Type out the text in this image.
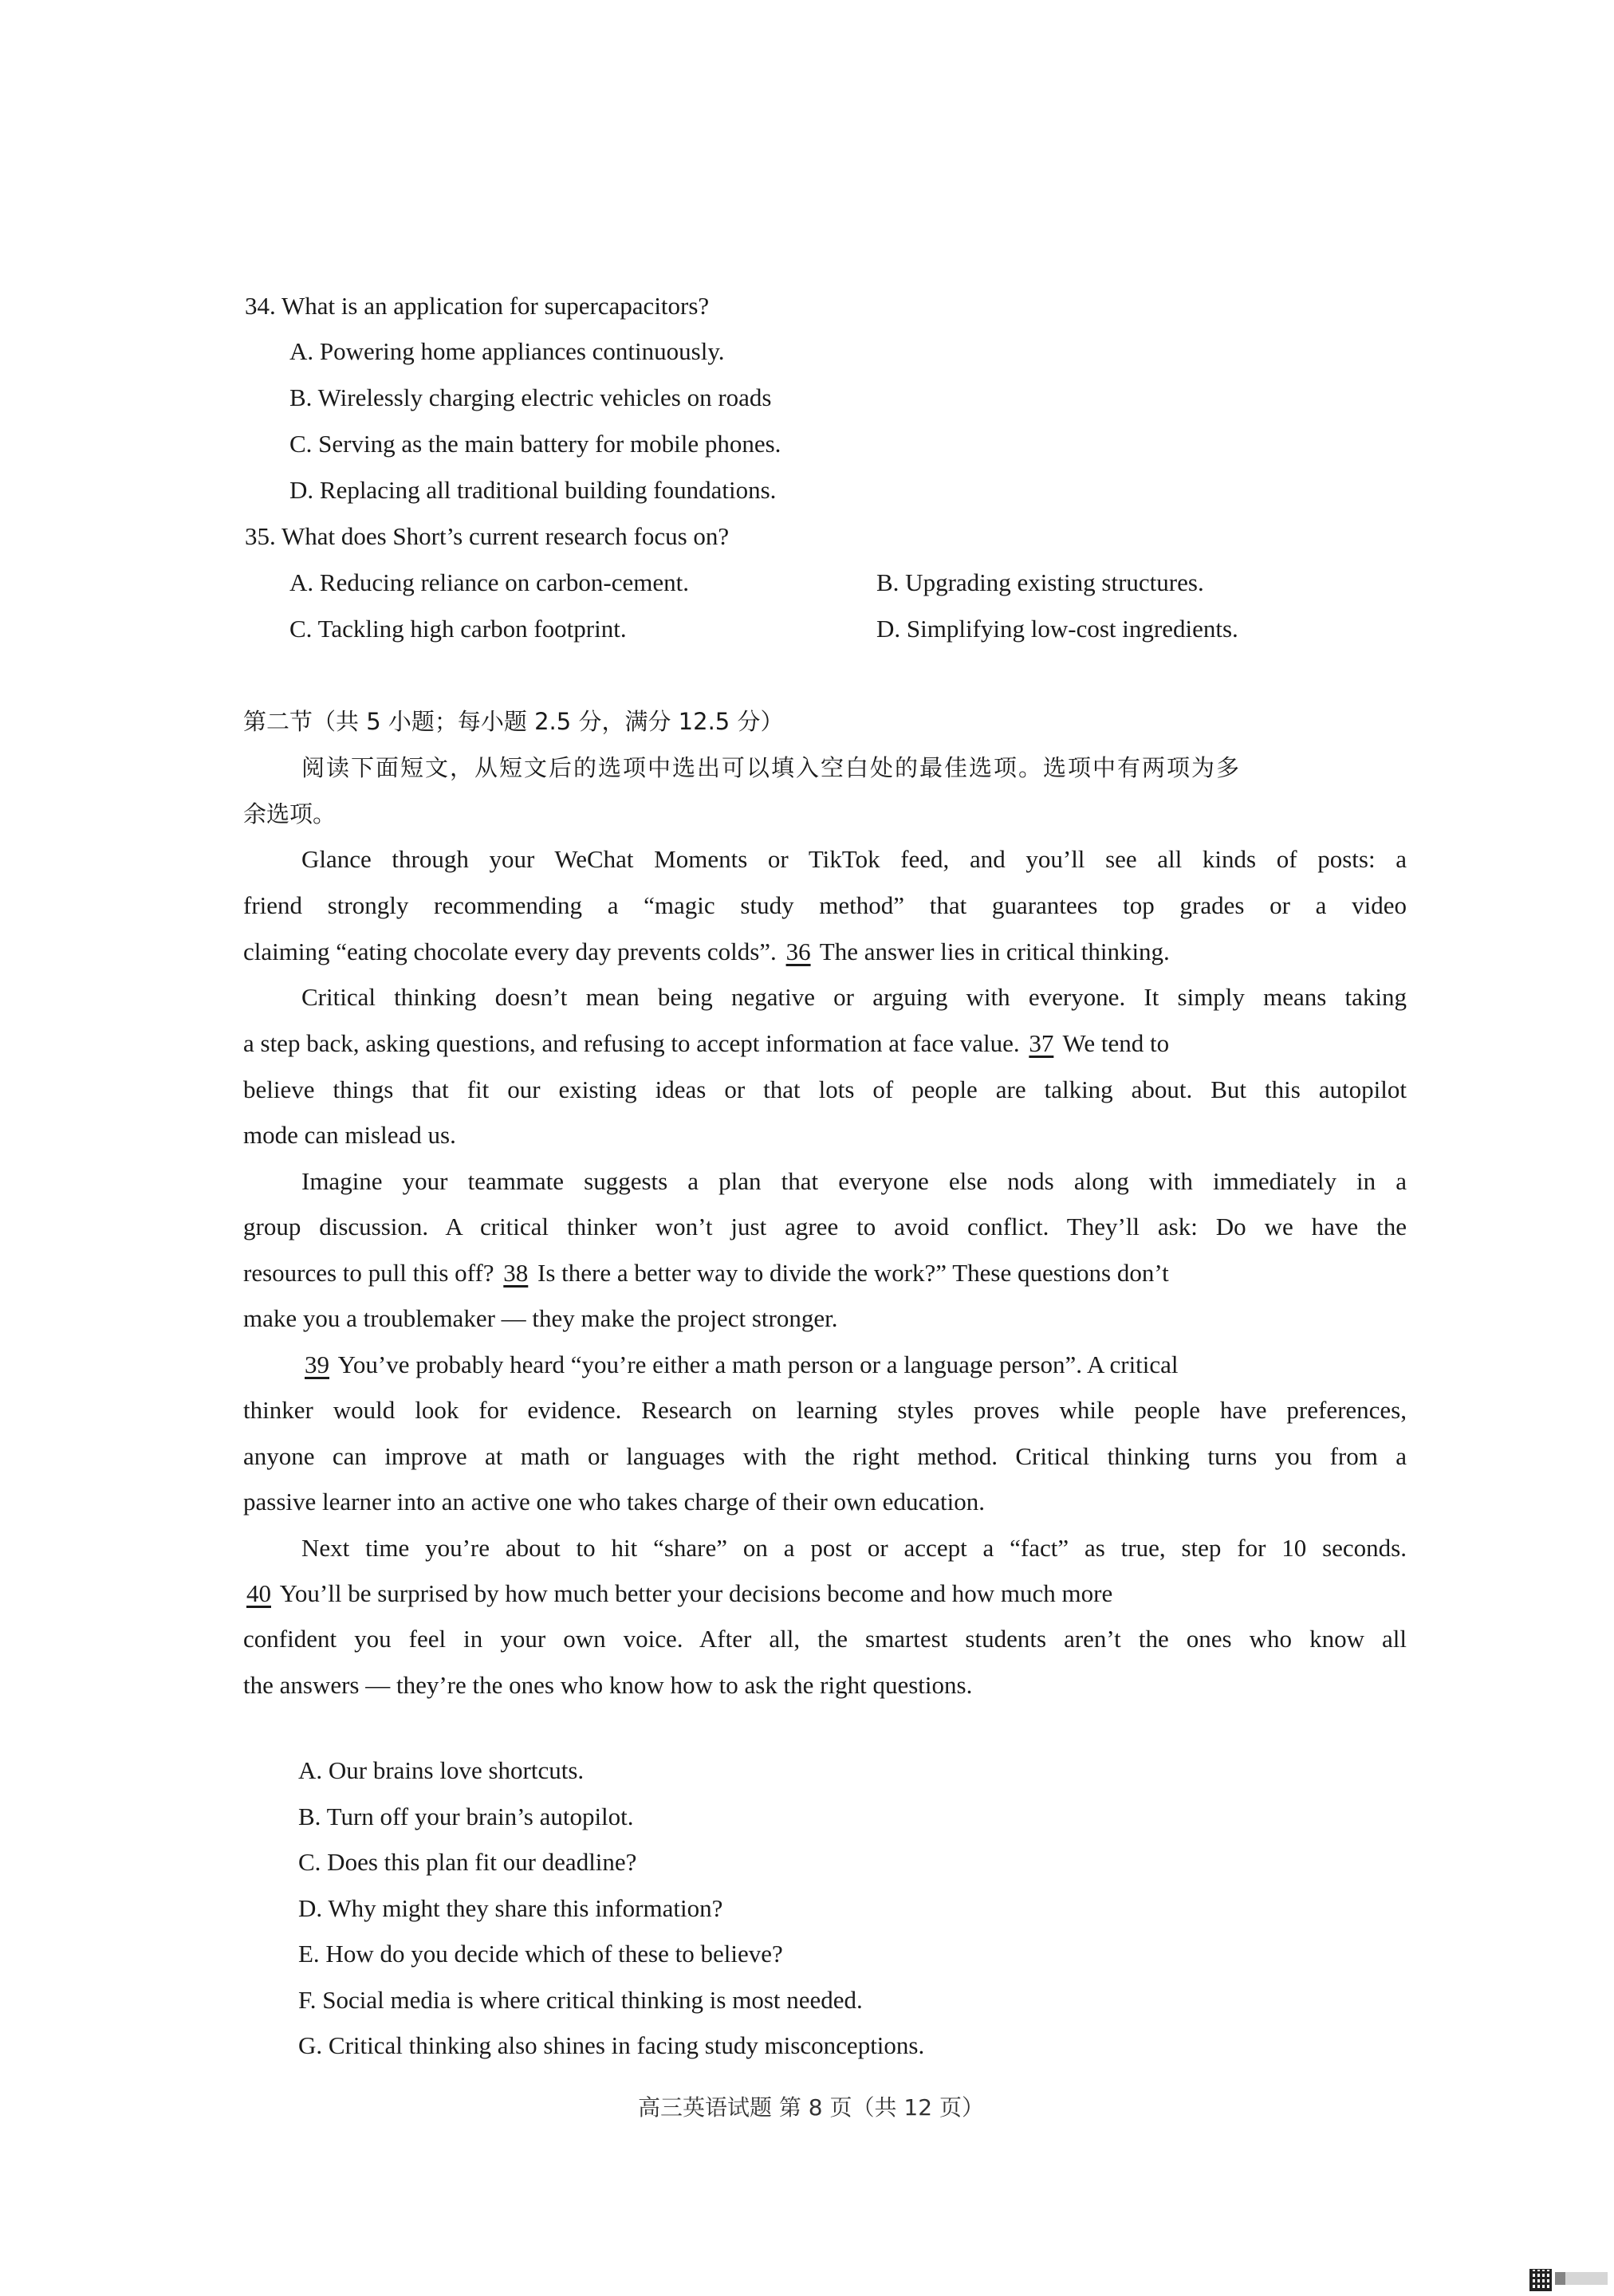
34. What is an application for supercapacitors?
A. Powering home appliances continuously.
B. Wirelessly charging electric vehicles on roads
C. Serving as the main battery for mobile phones.
D. Replacing all traditional building foundations.
35. What does Short’s current research focus on?
A. Reducing reliance on carbon-cement.	B. Upgrading existing structures.
C. Tackling high carbon footprint.	D. Simplifying low-cost ingredients.
第二节（共 5 小题；每小题 2.5 分，满分 12.5 分）
阅读下面短文，从短文后的选项中选出可以填入空白处的最佳选项。选项中有两项为多
余选项。
Glance through your WeChat Moments or TikTok feed, and you’ll see all kinds of posts: a
friend strongly recommending a “magic study method” that guarantees top grades or a video
claiming “eating chocolate every day prevents colds”. 36 The answer lies in critical thinking.
Critical thinking doesn’t mean being negative or arguing with everyone. It simply means taking
a step back, asking questions, and refusing to accept information at face value. 37 We tend to
believe things that fit our existing ideas or that lots of people are talking about. But this autopilot
mode can mislead us.
Imagine your teammate suggests a plan that everyone else nods along with immediately in a
group discussion. A critical thinker won’t just agree to avoid conflict. They’ll ask: Do we have the
resources to pull this off? 38 Is there a better way to divide the work?” These questions don’t
make you a troublemaker — they make the project stronger.
39 You’ve probably heard “you’re either a math person or a language person”. A critical
thinker would look for evidence. Research on learning styles proves while people have preferences,
anyone can improve at math or languages with the right method. Critical thinking turns you from a
passive learner into an active one who takes charge of their own education.
Next time you’re about to hit “share” on a post or accept a “fact” as true, step for 10 seconds.
40 You’ll be surprised by how much better your decisions become and how much more
confident you feel in your own voice. After all, the smartest students aren’t the ones who know all
the answers — they’re the ones who know how to ask the right questions.
A. Our brains love shortcuts.
B. Turn off your brain’s autopilot.
C. Does this plan fit our deadline?
D. Why might they share this information?
E. How do you decide which of these to believe?
F. Social media is where critical thinking is most needed.
G. Critical thinking also shines in facing study misconceptions.
高三英语试题 第 8 页（共 12 页）
